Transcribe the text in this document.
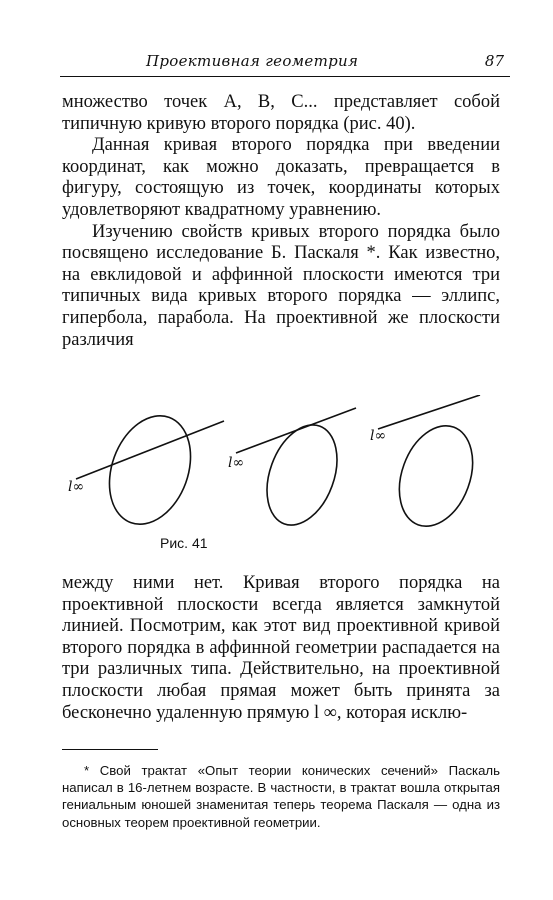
Проективная геометрия	87

множество точек A, B, C... представляет собой типичную кривую второго порядка (рис. 40).

Данная кривая второго порядка при введении координат, как можно доказать, превращается в фигуру, состоящую из точек, координаты которых удовлетворяют квадратному уравнению.

Изучению свойств кривых второго порядка было посвящено исследование Б. Паскаля *. Как известно, на евклидовой и аффинной плоскости имеются три типичных вида кривых второго порядка — эллипс, гипербола, парабола. На проективной же плоскости различия

l∞
l∞
l∞
Рис. 41

между ними нет. Кривая второго порядка на проективной плоскости всегда является замкнутой линией. Посмотрим, как этот вид проективной кривой второго порядка в аффинной геометрии распадается на три различных типа. Действительно, на проективной плоскости любая прямая может быть принята за бесконечно удаленную прямую l ∞, которая исклю-

* Свой трактат «Опыт теории конических сечений» Паскаль написал в 16-летнем возрасте. В частности, в трактат вошла открытая гениальным юношей знаменитая теперь теорема Паскаля — одна из основных теорем проективной геометрии.
